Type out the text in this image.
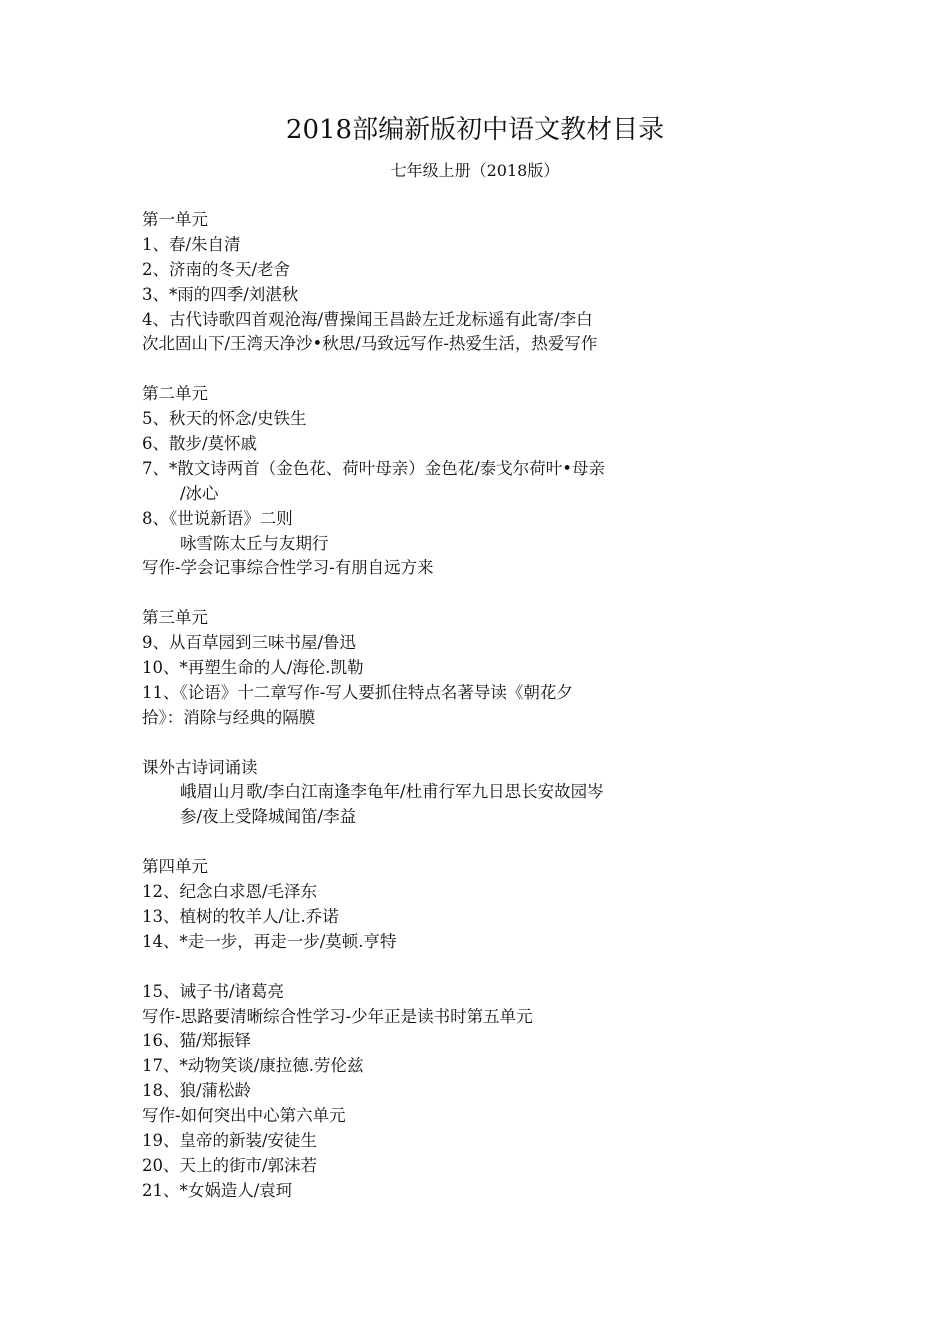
2018部编新版初中语文教材目录
七年级上册（2018版）
第一单元
1、春/朱自清
2、济南的冬天/老舍
3、*雨的四季/刘湛秋
4、古代诗歌四首观沧海/曹操闻王昌龄左迁龙标遥有此寄/李白
次北固山下/王湾天净沙•秋思/马致远写作-热爱生活，热爱写作
第二单元
5、秋天的怀念/史铁生
6、散步/莫怀戚
7、*散文诗两首（金色花、荷叶母亲）金色花/泰戈尔荷叶•母亲
/冰心
8、《世说新语》二则
咏雪陈太丘与友期行
写作-学会记事综合性学习-有朋自远方来
第三单元
9、从百草园到三味书屋/鲁迅
10、*再塑生命的人/海伦.凯勒
11、《论语》十二章写作-写人要抓住特点名著导读《朝花夕
拾》：消除与经典的隔膜
课外古诗词诵读
峨眉山月歌/李白江南逢李龟年/杜甫行军九日思长安故园岑
参/夜上受降城闻笛/李益
第四单元
12、纪念白求恩/毛泽东
13、植树的牧羊人/让.乔诺
14、*走一步，再走一步/莫顿.亨特
15、诫子书/诸葛亮
写作-思路要清晰综合性学习-少年正是读书时第五单元
16、猫/郑振铎
17、*动物笑谈/康拉德.劳伦兹
18、狼/蒲松龄
写作-如何突出中心第六单元
19、皇帝的新装/安徒生
20、天上的街市/郭沫若
21、*女娲造人/袁珂
